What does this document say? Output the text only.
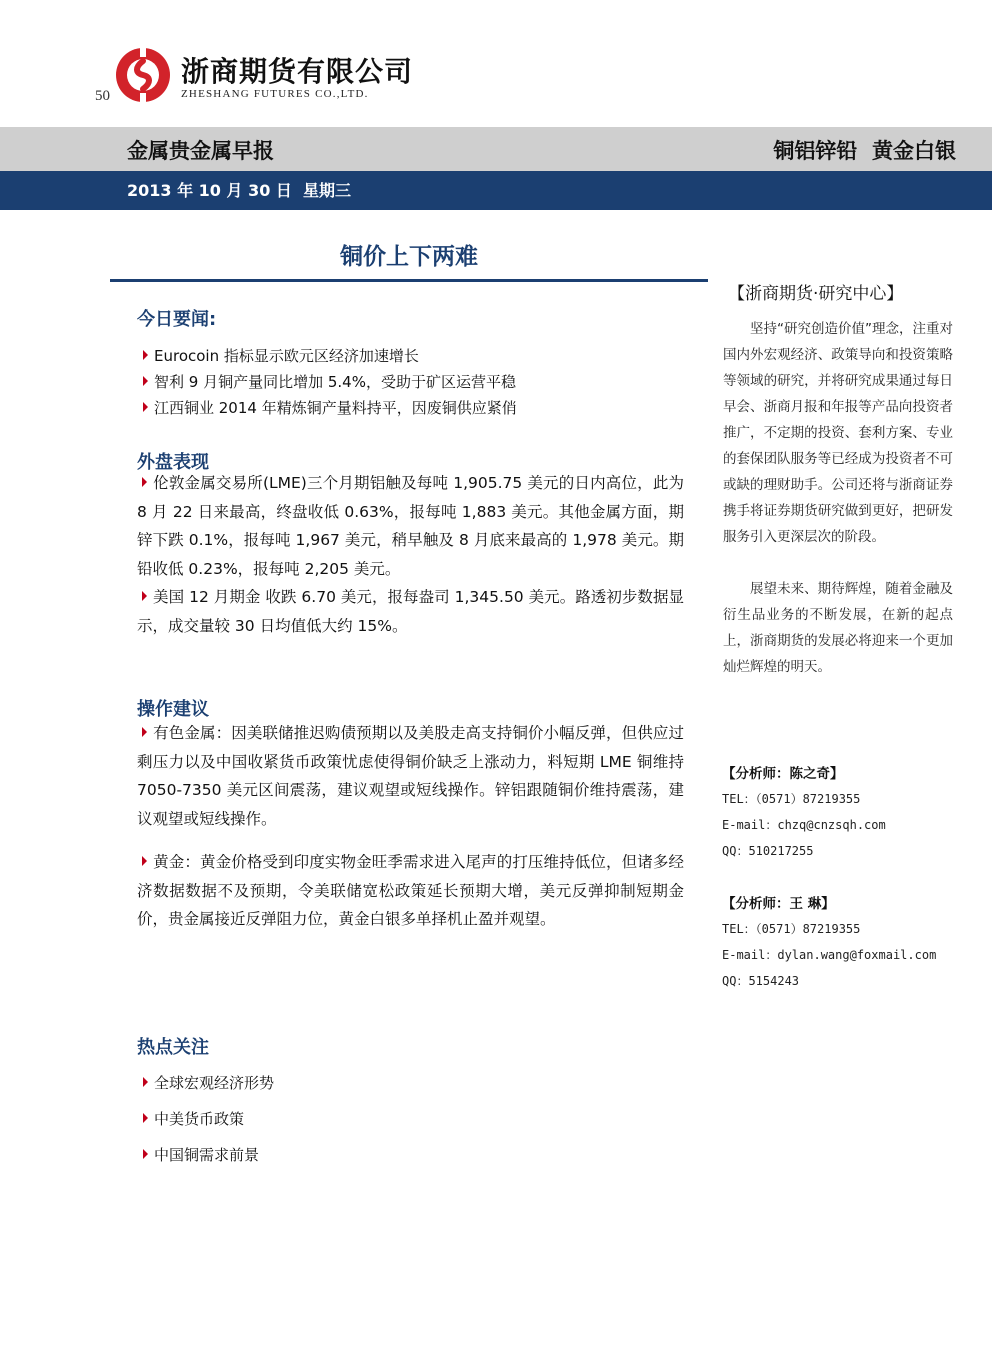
50
浙商期货有限公司
ZHESHANG FUTURES CO.,LTD.
金属贵金属早报	铜铝锌铅  黄金白银
2013 年 10 月 30 日  星期三
铜价上下两难
今日要闻:
Eurocoin 指标显示欧元区经济加速增长
智利 9 月铜产量同比增加 5.4%，受助于矿区运营平稳
江西铜业 2014 年精炼铜产量料持平，因废铜供应紧俏
外盘表现
伦敦金属交易所(LME)三个月期铝触及每吨 1,905.75 美元的日内高位，此为 8 月 22 日来最高，终盘收低 0.63%，报每吨 1,883 美元。其他金属方面，期锌下跌 0.1%，报每吨 1,967 美元，稍早触及 8 月底来最高的 1,978 美元。期铅收低 0.23%，报每吨 2,205 美元。
美国 12 月期金 收跌 6.70 美元，报每盎司 1,345.50 美元。路透初步数据显示，成交量较 30 日均值低大约 15%。
操作建议
有色金属：因美联储推迟购债预期以及美股走高支持铜价小幅反弹，但供应过剩压力以及中国收紧货币政策忧虑使得铜价缺乏上涨动力，料短期 LME 铜维持 7050-7350 美元区间震荡，建议观望或短线操作。锌铝跟随铜价维持震荡，建议观望或短线操作。
黄金：黄金价格受到印度实物金旺季需求进入尾声的打压维持低位，但诸多经济数据数据不及预期，令美联储宽松政策延长预期大增，美元反弹抑制短期金价，贵金属接近反弹阻力位，黄金白银多单择机止盈并观望。
热点关注
全球宏观经济形势
中美货币政策
中国铜需求前景
【浙商期货·研究中心】
坚持“研究创造价值”理念，注重对国内外宏观经济、政策导向和投资策略等领域的研究，并将研究成果通过每日早会、浙商月报和年报等产品向投资者推广，不定期的投资、套利方案、专业的套保团队服务等已经成为投资者不可或缺的理财助手。公司还将与浙商证券携手将证券期货研究做到更好，把研发服务引入更深层次的阶段。
展望未来、期待辉煌，随着金融及衍生品业务的不断发展，在新的起点上，浙商期货的发展必将迎来一个更加灿烂辉煌的明天。
【分析师：陈之奇】
TEL：（0571）87219355
E-mail：chzq@cnzsqh.com
QQ：510217255
【分析师：王 琳】
TEL：（0571）87219355
E-mail：dylan.wang@foxmail.com
QQ：5154243
